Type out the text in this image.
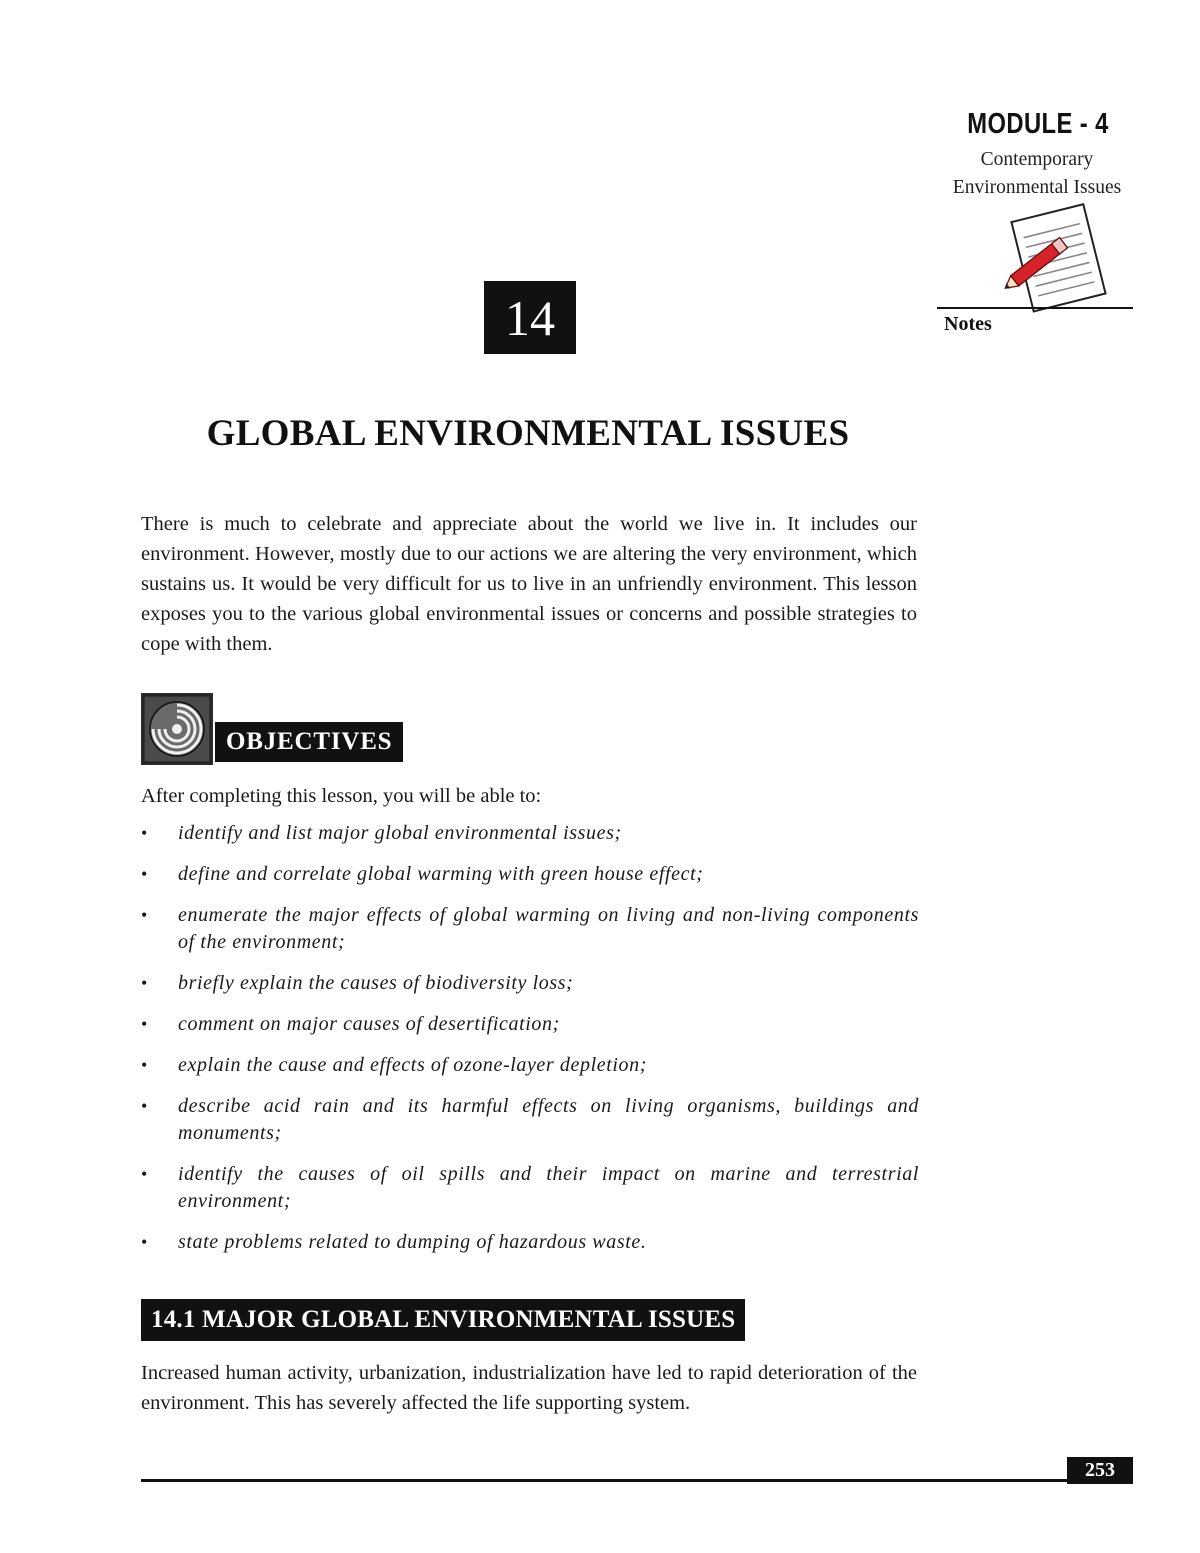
MODULE - 4
Contemporary
Environmental Issues
Notes
14
GLOBAL ENVIRONMENTAL ISSUES
There is much to celebrate and appreciate about the world we live in. It includes our environment. However, mostly due to our actions we are altering the very environment, which sustains us. It would be very difficult for us to live in an unfriendly environment. This lesson exposes you to the various global environmental issues or concerns and possible strategies to cope with them.
OBJECTIVES
After completing this lesson, you will be able to:
• identify and list major global environmental issues;
• define and correlate global warming with green house effect;
• enumerate the major effects of global warming on living and non-living components of the environment;
• briefly explain the causes of biodiversity loss;
• comment on major causes of desertification;
• explain the cause and effects of ozone-layer depletion;
• describe acid rain and its harmful effects on living organisms, buildings and monuments;
• identify the causes of oil spills and their impact on marine and terrestrial environment;
• state problems related to dumping of hazardous waste.
14.1 MAJOR GLOBAL ENVIRONMENTAL ISSUES
Increased human activity, urbanization, industrialization have led to rapid deterioration of the environment. This has severely affected the life supporting system.
253
